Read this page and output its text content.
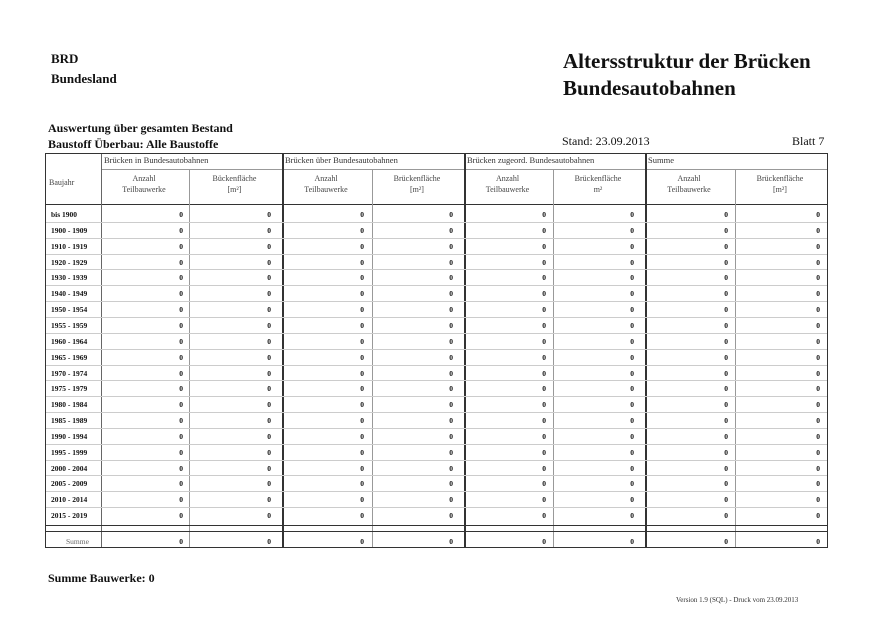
BRD
Bundesland
Altersstruktur der Brücken
Bundesautobahnen
Auswertung über gesamten Bestand
Baustoff Überbau: Alle Baustoffe	Stand: 23.09.2013	Blatt 7
Brücken in Bundesautobahnen
Anzahl
Teilbauwerke
Bückenfläche
[m²]
Brücken über Bundesautobahnen
Anzahl
Teilbauwerke
Brückenfläche
[m²]
Brücken zugeord. Bundesautobahnen
Anzahl
Teilbauwerke
Brückenfläche
m²
Summe
Anzahl
Teilbauwerke
Brückenfläche
[m²]
Baujahr
bis 1900	0	0	0	0	0	0	0	0
1900 - 1909	0	0	0	0	0	0	0	0
1910 - 1919	0	0	0	0	0	0	0	0
1920 - 1929	0	0	0	0	0	0	0	0
1930 - 1939	0	0	0	0	0	0	0	0
1940 - 1949	0	0	0	0	0	0	0	0
1950 - 1954	0	0	0	0	0	0	0	0
1955 - 1959	0	0	0	0	0	0	0	0
1960 - 1964	0	0	0	0	0	0	0	0
1965 - 1969	0	0	0	0	0	0	0	0
1970 - 1974	0	0	0	0	0	0	0	0
1975 - 1979	0	0	0	0	0	0	0	0
1980 - 1984	0	0	0	0	0	0	0	0
1985 - 1989	0	0	0	0	0	0	0	0
1990 - 1994	0	0	0	0	0	0	0	0
1995 - 1999	0	0	0	0	0	0	0	0
2000 - 2004	0	0	0	0	0	0	0	0
2005 - 2009	0	0	0	0	0	0	0	0
2010 - 2014	0	0	0	0	0	0	0	0
2015 - 2019	0	0	0	0	0	0	0	0
Summe	0	0	0	0	0	0	0	0
Summe Bauwerke: 0
Version 1.9 (SQL) - Druck vom 23.09.2013
